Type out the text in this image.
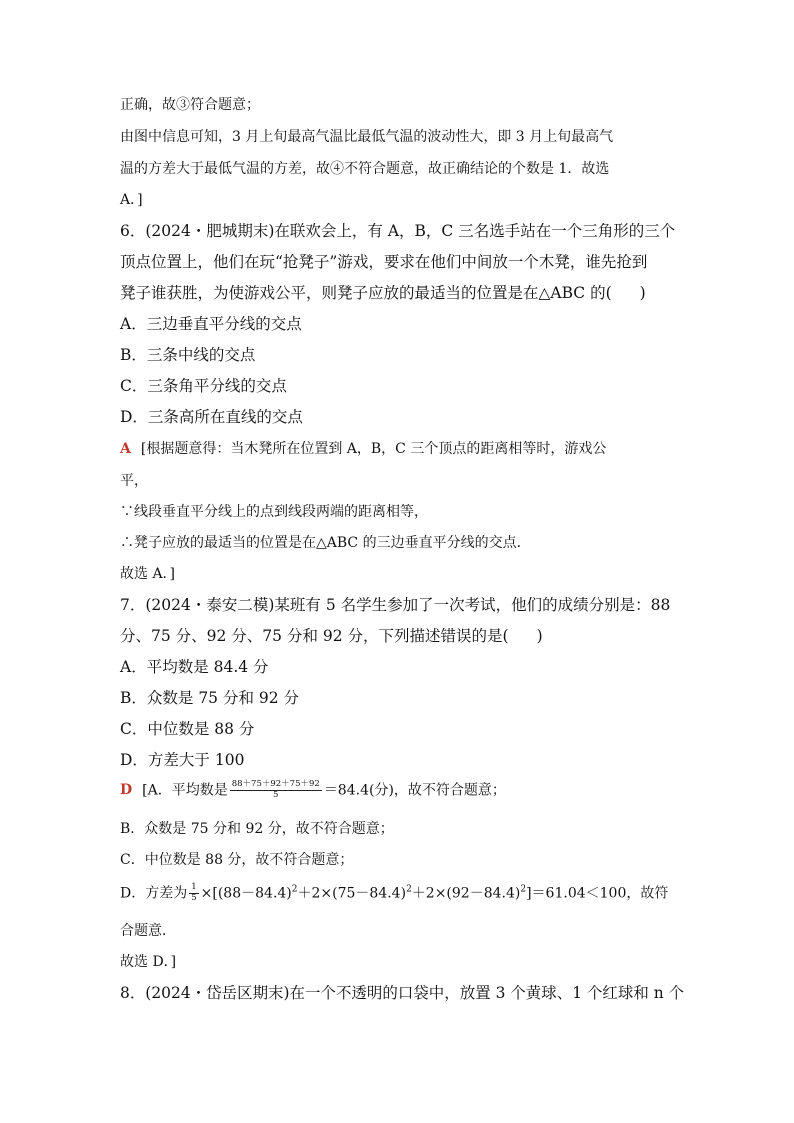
正确，故③符合题意；
由图中信息可知，3 月上旬最高气温比最低气温的波动性大，即 3 月上旬最高气
温的方差大于最低气温的方差，故④不符合题意，故正确结论的个数是 1．故选
A．]
6．(2024・肥城期末)在联欢会上，有 A，B，C 三名选手站在一个三角形的三个
顶点位置上，他们在玩“抢凳子”游戏，要求在他们中间放一个木凳，谁先抢到
凳子谁获胜，为使游戏公平，则凳子应放的最适当的位置是在△ABC 的( )
A．三边垂直平分线的交点
B．三条中线的交点
C．三条角平分线的交点
D．三条高所在直线的交点
A [根据题意得：当木凳所在位置到 A，B，C 三个顶点的距离相等时，游戏公
平，
∵线段垂直平分线上的点到线段两端的距离相等，
∴凳子应放的最适当的位置是在△ABC 的三边垂直平分线的交点．
故选 A．]
7．(2024・泰安二模)某班有 5 名学生参加了一次考试，他们的成绩分别是：88
分、75 分、92 分、75 分和 92 分，下列描述错误的是( )
A．平均数是 84.4 分
B．众数是 75 分和 92 分
C．中位数是 88 分
D．方差大于 100
D [A．平均数是 $\frac{88+75+92+75+92}{5} =84.4$(分)，故不符合题意；
B．众数是 75 分和 92 分，故不符合题意；
C．中位数是 88 分，故不符合题意；
D．方差为 $\frac{1}{5} \times[(88-84.4)^2+2\times(75-84.4)^2+2\times(92-84.4)^2]=61.04<100$，故符
合题意．
故选 D．]
8．(2024・岱岳区期末)在一个不透明的口袋中，放置 3 个黄球、1 个红球和 n 个
